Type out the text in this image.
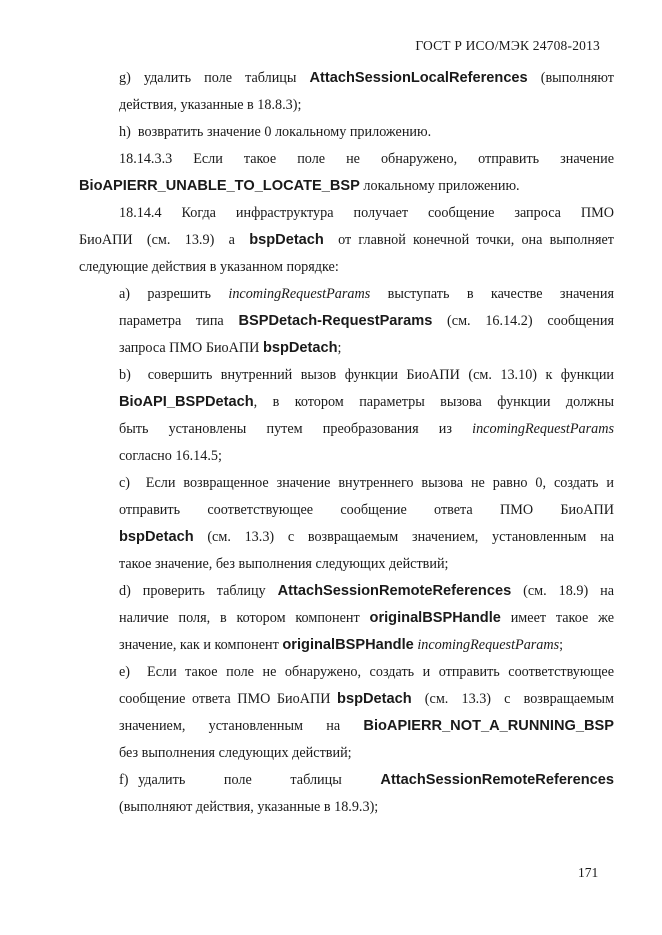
ГОСТ Р ИСО/МЭК 24708-2013

g)  удалить  поле  таблицы  AttachSessionLocalReferences  (выполняют

действия, указанные в 18.8.3);

h)  возвратить значение 0 локальному приложению.

18.14.3.3    Если    такое    поле    не    обнаружено,    отправить    значение

BioAPIERR_UNABLE_TO_LOCATE_BSP локальному приложению.

18.14.4    Когда    инфраструктура    получает    сообщение    запроса    ПМО

БиоАПИ  (см.  13.9)  а  bspDetach  от главной конечной точки, она выполняет

следующие действия в указанном порядке:

a)  разрешить  incomingRequestParams  выступать  в  качестве  значения

параметра  типа  BSPDetach-RequestParams  (см.  16.14.2)  сообщения

запроса ПМО БиоАПИ bspDetach;

b)  совершить внутренний вызов функции БиоАПИ (см. 13.10) к функции

BioAPI_BSPDetach,  в  котором  параметры  вызова  функции  должны

быть   установлены   путем   преобразования   из   incomingRequestParams

согласно 16.14.5;

c)  Если возвращенное значение внутреннего вызова не равно 0, создать и

отправить     соответствующее     сообщение     ответа     ПМО     БиоАПИ

bspDetach  (см.  13.3)  с  возвращаемым  значением,  установленным  на

такое значение, без выполнения следующих действий;

d)  проверить  таблицу  AttachSessionRemoteReferences  (см.  18.9)  на

наличие поля, в котором компонент originalBSPHandle имеет такое же

значение, как и компонент originalBSPHandle incomingRequestParams;

e)  Если такое поле не обнаружено, создать и отправить соответствующее

сообщение ответа ПМО БиоАПИ bspDetach  (см.  13.3)  с  возвращаемым

значением,   установленным   на   BioAPIERR_NOT_A_RUNNING_BSP

без выполнения следующих действий;

f)  удалить        поле        таблицы        AttachSessionRemoteReferences

(выполняют действия, указанные в 18.9.3);

171
